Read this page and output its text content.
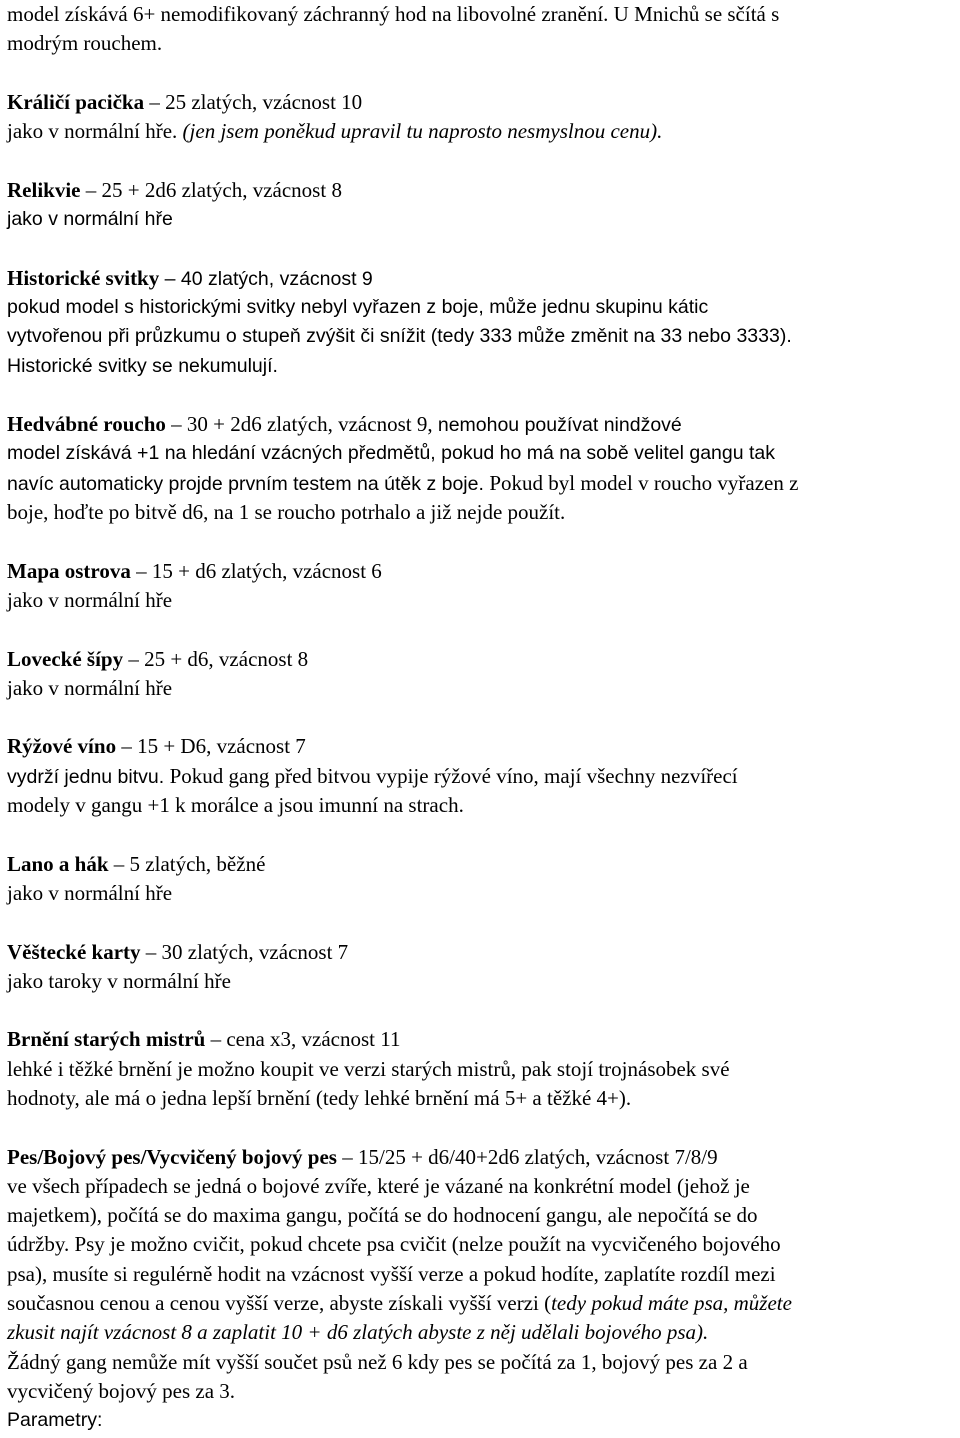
model získává 6+ nemodifikovaný záchranný hod na libovolné zranění. U Mnichů se sčítá s
modrým rouchem.
Králičí pacička – 25 zlatých, vzácnost 10
jako v normální hře. (jen jsem poněkud upravil tu naprosto nesmyslnou cenu).
Relikvie – 25 + 2d6 zlatých, vzácnost 8
jako v normální hře
Historické svitky – 40 zlatých, vzácnost 9
pokud model s historickými svitky nebyl vyřazen z boje, může jednu skupinu kátic
vytvořenou při průzkumu o stupeň zvýšit či snížit (tedy 333 může změnit na 33 nebo 3333).
Historické svitky se nekumulují.
Hedvábné roucho – 30 + 2d6 zlatých, vzácnost 9, nemohou používat nindžové
model získává +1 na hledání vzácných předmětů, pokud ho má na sobě velitel gangu tak
navíc automaticky projde prvním testem na útěk z boje. Pokud byl model v roucho vyřazen z
boje, hoďte po bitvě d6, na 1 se roucho potrhalo a již nejde použít.
Mapa ostrova – 15 + d6 zlatých, vzácnost 6
jako v normální hře
Lovecké šípy – 25 + d6, vzácnost 8
jako v normální hře
Rýžové víno – 15 + D6, vzácnost 7
vydrží jednu bitvu. Pokud gang před bitvou vypije rýžové víno, mají všechny nezvířecí
modely v gangu +1 k morálce a jsou imunní na strach.
Lano a hák – 5 zlatých, běžné
jako v normální hře
Věštecké karty – 30 zlatých, vzácnost 7
jako taroky v normální hře
Brnění starých mistrů – cena x3, vzácnost 11
lehké i těžké brnění je možno koupit ve verzi starých mistrů, pak stojí trojnásobek své
hodnoty, ale má o jedna lepší brnění (tedy lehké brnění má 5+ a těžké 4+).
Pes/Bojový pes/Vycvičený bojový pes – 15/25 + d6/40+2d6 zlatých, vzácnost 7/8/9
ve všech případech se jedná o bojové zvíře, které je vázané na konkrétní model (jehož je
majetkem), počítá se do maxima gangu, počítá se do hodnocení gangu, ale nepočítá se do
údržby. Psy je možno cvičit, pokud chcete psa cvičit (nelze použít na vycvičeného bojového
psa), musíte si regulérně hodit na vzácnost vyšší verze a pokud hodíte, zaplatíte rozdíl mezi
současnou cenou a cenou vyšší verze, abyste získali vyšší verzi (tedy pokud máte psa, můžete
zkusit najít vzácnost 8 a zaplatit 10 + d6 zlatých abyste z něj udělali bojového psa).
Žádný gang nemůže mít vyšší součet psů než 6 kdy pes se počítá za 1, bojový pes za 2 a
vycvičený bojový pes za 3.
Parametry:
